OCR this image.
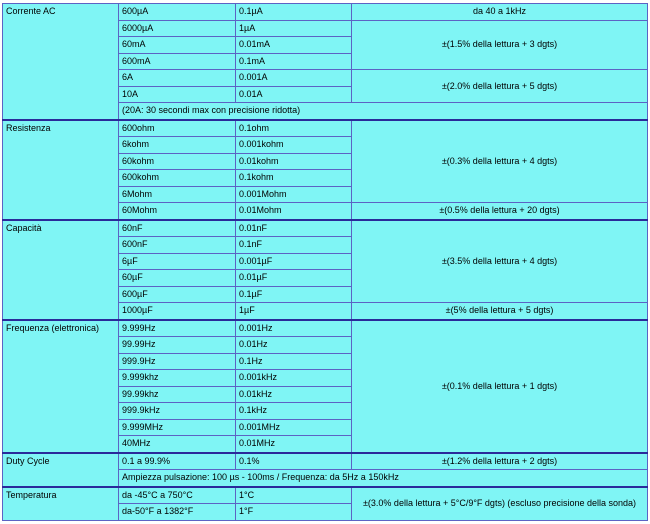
Corrente AC	600µA	0.1µA	da 40 a 1kHz
	6000µA	1µA	±(1.5% della lettura + 3 dgts)
	60mA	0.01mA	
	600mA	0.1mA	
	6A	0.001A	±(2.0% della lettura + 5 dgts)
	10A	0.01A	
	(20A: 30 secondi max con precisione ridotta)		
Resistenza	600ohm	0.1ohm	±(0.3% della lettura + 4 dgts)
	6kohm	0.001kohm	
	60kohm	0.01kohm	
	600kohm	0.1kohm	
	6Mohm	0.001Mohm	
	60Mohm	0.01Mohm	±(0.5% della lettura + 20 dgts)
Capacità	60nF	0.01nF	±(3.5% della lettura + 4 dgts)
	600nF	0.1nF	
	6µF	0.001µF	
	60µF	0.01µF	
	600µF	0.1µF	
	1000µF	1µF	±(5% della lettura + 5 dgts)
Frequenza (elettronica)	9.999Hz	0.001Hz	±(0.1% della lettura + 1 dgts)
	99.99Hz	0.01Hz	
	999.9Hz	0.1Hz	
	9.999khz	0.001kHz	
	99.99khz	0.01kHz	
	999.9kHz	0.1kHz	
	9.999MHz	0.001MHz	
	40MHz	0.01MHz	
Duty Cycle	0.1 a 99.9%	0.1%	±(1.2% della lettura + 2 dgts)
	Ampiezza pulsazione: 100 µs - 100ms / Frequenza: da 5Hz a 150kHz		
Temperatura	da -45°C a 750°C	1°C	±(3.0% della lettura + 5°C/9°F dgts) (escluso precisione della sonda)
	da-50°F a 1382°F	1°F	
